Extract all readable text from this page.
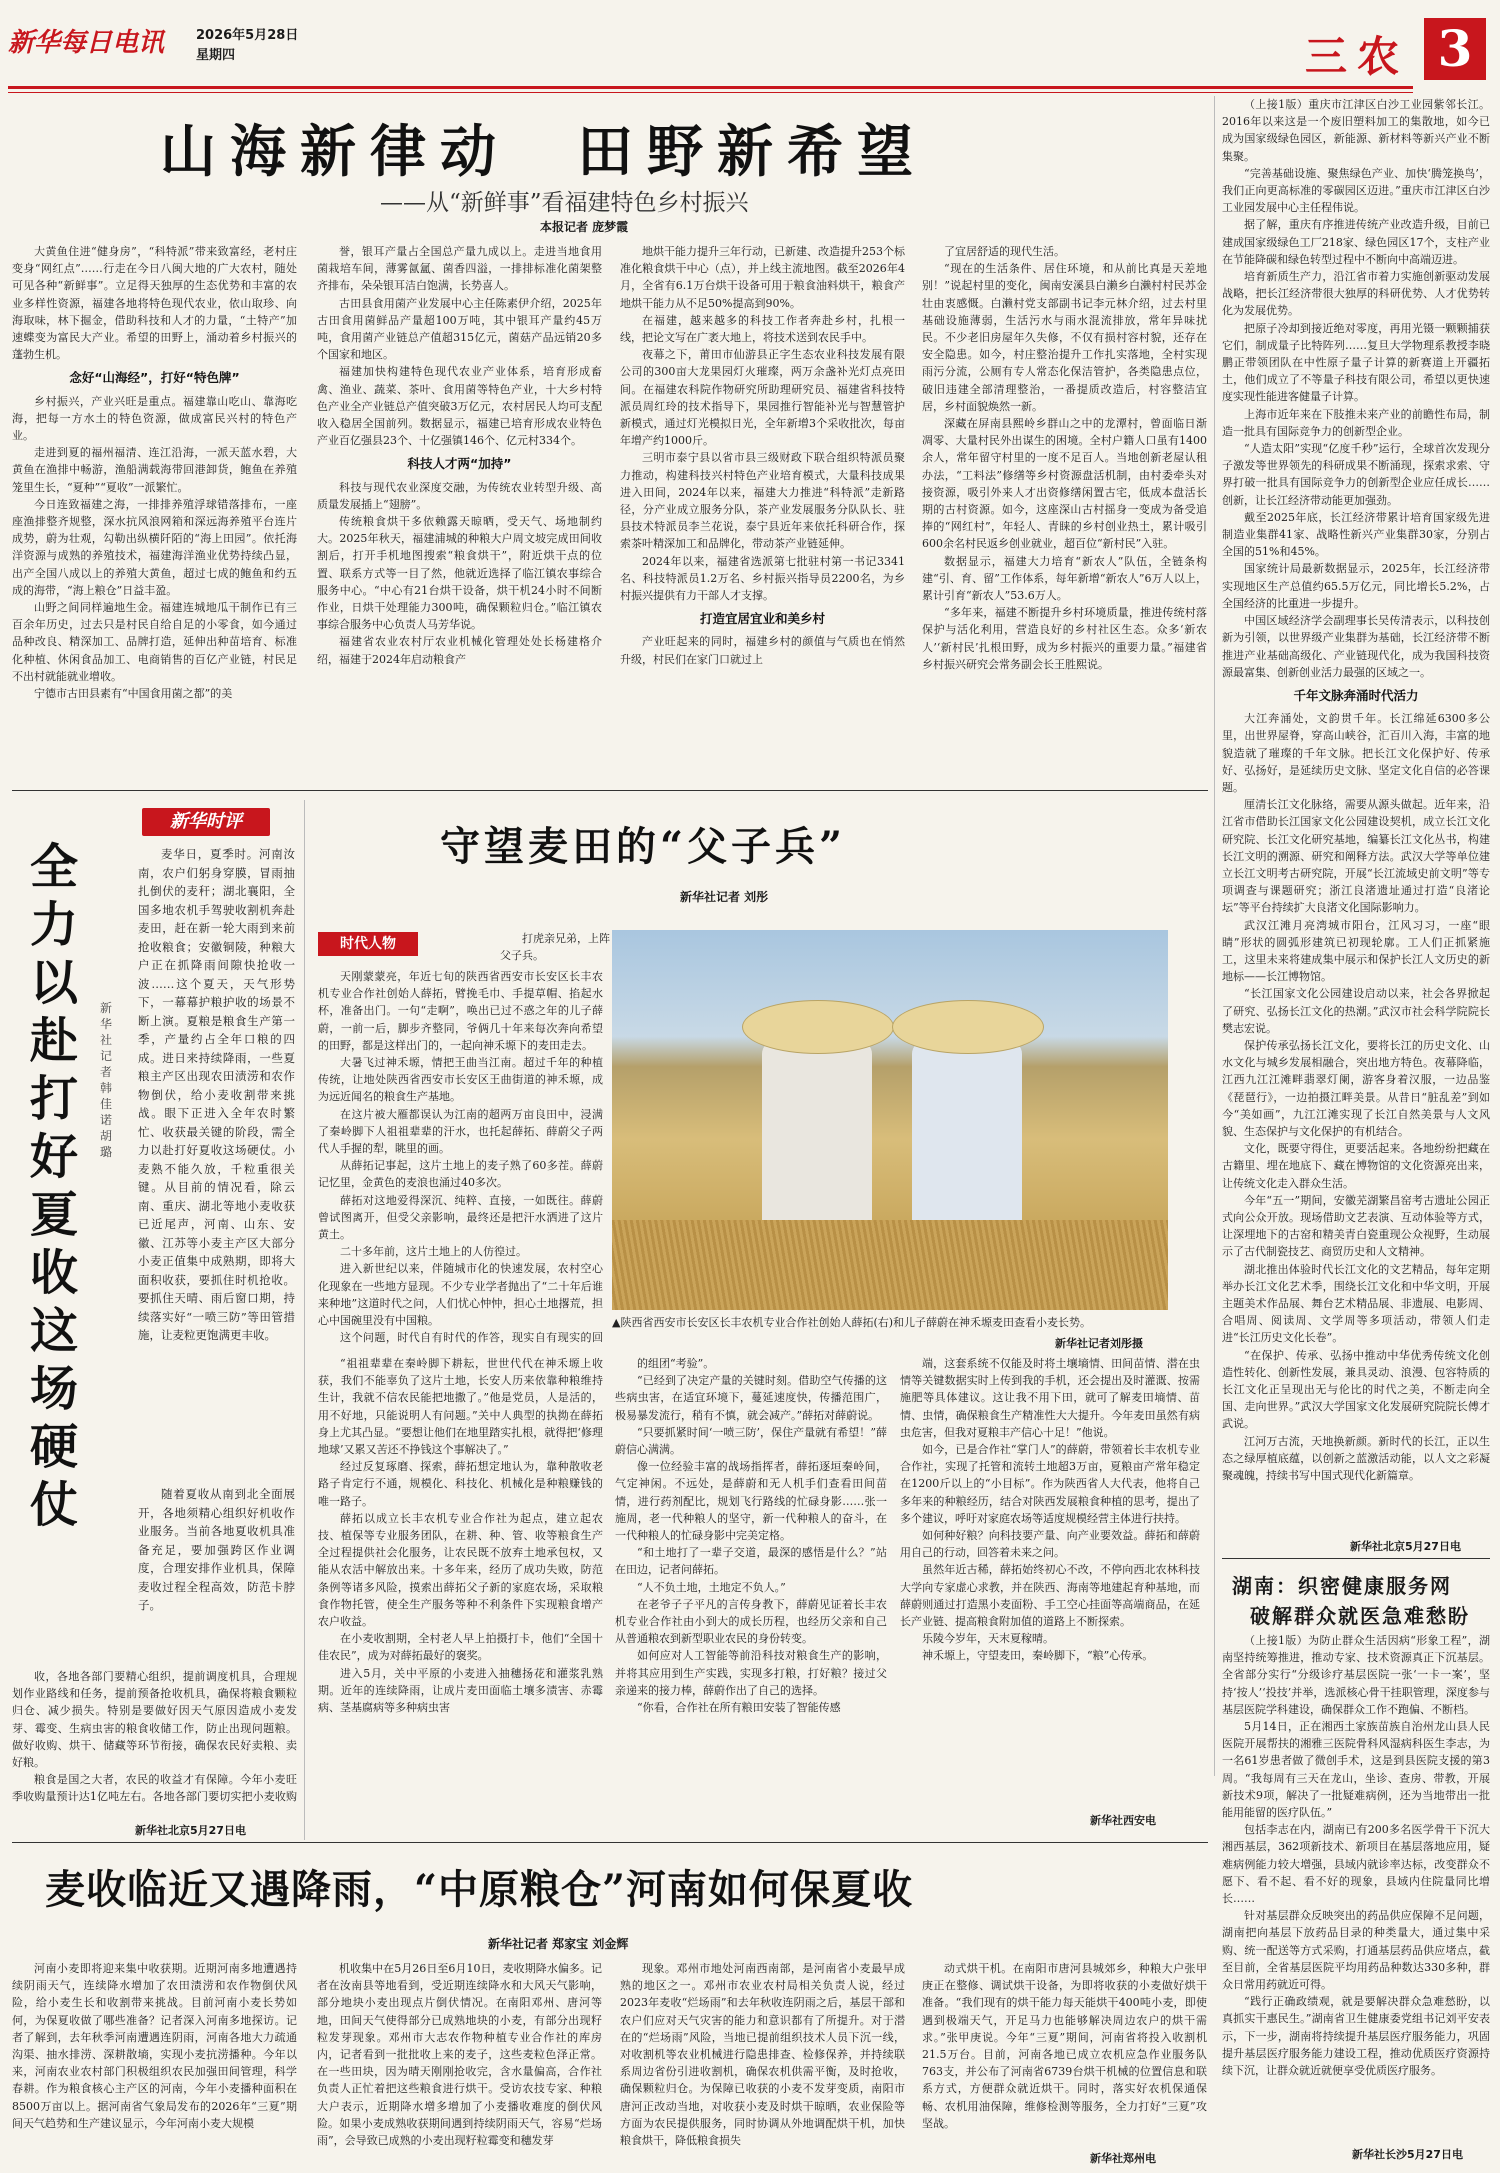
新华每日电讯 2026年5月28日
星期四	三农 3
山海新律动  田野新希望
——从“新鲜事”看福建特色乡村振兴
本报记者 庞梦霞

大黄鱼住进“健身房”，“科特派”带来致富经，老村庄变身“网红点”……行走在今日八闽大地的广大农村，随处可见各种“新鲜事”。立足得天独厚的生态优势和丰富的农业多样性资源，福建各地将特色现代农业，依山取珍、向海取味，林下掘金，借助科技和人才的力量，“土特产”加速蝶变为富民大产业。希望的田野上，涌动着乡村振兴的蓬勃生机。

念好“山海经”，打好“特色牌”

乡村振兴，产业兴旺是重点。福建靠山吃山、靠海吃海，把每一方水土的特色资源，做成富民兴村的特色产业。

走进到夏的福州福清、连江沿海，一派天蓝水碧，大黄鱼在渔排中畅游，渔船满载海带回港卸货，鲍鱼在养殖笼里生长，“夏种”“夏收”一派繁忙。

今日连致福建之海，一排排养殖浮球错落排布，一座座渔排整齐规整，深水抗风浪网箱和深远海养殖平台连片成势，蔚为壮观，勾勒出纵横阡陌的“海上田园”。依托海洋资源与成熟的养殖技术，福建海洋渔业优势持续凸显，出产全国八成以上的养殖大黄鱼，超过七成的鲍鱼和约五成的海带，“海上粮仓”日益丰盈。

山野之间同样遍地生金。福建连城地瓜干制作已有三百余年历史，过去只是村民自给自足的小零食，如今通过品种改良、精深加工、品牌打造，延伸出种苗培育、标准化种植、休闲食品加工、电商销售的百亿产业链，村民足不出村就能就业增收。

宁德市古田县素有“中国食用菌之都”的美

誉，银耳产量占全国总产量九成以上。走进当地食用菌栽培车间，薄雾氤氲、菌香四溢，一排排标准化菌架整齐排布，朵朵银耳洁白饱满，长势喜人。

古田县食用菌产业发展中心主任陈素伊介绍，2025年古田食用菌鲜品产量超100万吨，其中银耳产量约45万吨，食用菌产业链总产值超315亿元，菌菇产品远销20多个国家和地区。

福建加快构建特色现代农业产业体系，培育形成畜禽、渔业、蔬菜、茶叶、食用菌等特色产业，十大乡村特色产业全产业链总产值突破3万亿元，农村居民人均可支配收入稳居全国前列。数据显示，福建已培育形成农业特色产业百亿强县23个、十亿强镇146个、亿元村334个。

科技人才两“加持”

科技与现代农业深度交融，为传统农业转型升级、高质量发展插上“翅膀”。

传统粮食烘干多依赖露天晾晒，受天气、场地制约大。2025年秋天，福建浦城的种粮大户周文坡完成田间收割后，打开手机地图搜索“粮食烘干”，附近烘干点的位置、联系方式等一目了然，他就近选择了临江镇农事综合服务中心。“中心有21台烘干设备，烘干机24小时不间断作业，日烘干处理能力300吨，确保颗粒归仓。”临江镇农事综合服务中心负责人马芳华说。

福建省农业农村厅农业机械化管理处处长杨建格介绍，福建于2024年启动粮食产

地烘干能力提升三年行动，已新建、改造提升253个标准化粮食烘干中心（点），并上线主流地图。截至2026年4月，全省有6.1万台烘干设备可用于粮食油料烘干，粮食产地烘干能力从不足50%提高到90%。

在福建，越来越多的科技工作者奔赴乡村，扎根一线，把论文写在广袤大地上，将技术送到农民手中。

夜幕之下，莆田市仙游县正字生态农业科技发展有限公司的300亩大龙果园灯火璀璨，两万余盏补光灯点亮田间。在福建农科院作物研究所助理研究员、福建省科技特派员周红玲的技术指导下，果园推行智能补光与智慧管护新模式，通过灯光模拟日光，全年新增3个采收批次，每亩年增产约1000斤。

三明市泰宁县以省市县三级财政下联合组织特派员聚力推动，构建科技兴村特色产业培育模式，大量科技成果进入田间，2024年以来，福建大力推进“科特派”走新路径，分产业成立服务分队，茶产业发展服务分队队长、驻县技术特派员李兰花说，泰宁县近年来依托科研合作，探索茶叶精深加工和品牌化，带动茶产业链延伸。

2024年以来，福建省选派第七批驻村第一书记3341名、科技特派员1.2万名、乡村振兴指导员2200名，为乡村振兴提供有力干部人才支撑。

打造宜居宜业和美乡村

产业旺起来的同时，福建乡村的颜值与气质也在悄然升级，村民们在家门口就过上

了宜居舒适的现代生活。

“现在的生活条件、居住环境，和从前比真是天差地别！”说起村里的变化，闽南安溪县白濑乡白濑村村民苏金壮由衷感慨。白濑村党支部副书记李元林介绍，过去村里基础设施薄弱，生活污水与雨水混流排放，常年异味扰民。不少老旧房屋年久失修，不仅有损村容村貌，还存在安全隐患。如今，村庄整治提升工作扎实落地，全村实现雨污分流，公厕有专人常态化保洁管护，各类隐患点位，破旧违建全部清理整治，一番提质改造后，村容整洁宜居，乡村面貌焕然一新。

深藏在屏南县熙岭乡群山之中的龙潭村，曾面临日渐凋零、大量村民外出谋生的困境。全村户籍人口虽有1400余人，常年留守村里的一度不足百人。当地创新老屋认租办法，“工料法”修缮等乡村资源盘活机制，由村委牵头对接资源，吸引外来人才出资修缮闲置古宅，低成本盘活长期的古村资源。如今，这座深山古村摇身一变成为备受追捧的“网红村”，年轻人、青睐的乡村创业热土，累计吸引600余名村民返乡创业就业，超百位“新村民”入驻。

数据显示，福建大力培育“新农人”队伍，全链条构建“引、育、留”工作体系，每年新增“新农人”6万人以上，累计引育“新农人”53.6万人。

“多年来，福建不断提升乡村环境质量，推进传统村落保护与活化利用，营造良好的乡村社区生态。众多‘新农人’‘新村民’扎根田野，成为乡村振兴的重要力量。”福建省乡村振兴研究会常务副会长王胜熙说。

（上接1版）重庆市江津区白沙工业园紫邻长江。2016年以来这是一个废旧塑料加工的集散地，如今已成为国家级绿色园区，新能源、新材料等新兴产业不断集聚。

“完善基础设施、聚焦绿色产业、加快‘腾笼换鸟’，我们正向更高标准的零碳园区迈进。”重庆市江津区白沙工业园发展中心主任程伟说。

据了解，重庆有序推进传统产业改造升级，目前已建成国家级绿色工厂218家、绿色园区17个，支柱产业在节能降碳和绿色转型过程中不断向中高端迈进。

培育新质生产力，沿江省市着力实施创新驱动发展战略，把长江经济带很大独厚的科研优势、人才优势转化为发展优势。

把原子冷却到接近绝对零度，再用光镊一颗颗捕获它们，制成量子比特阵列……复旦大学物理系教授李晓鹏正带领团队在中性原子量子计算的新赛道上开疆拓土，他们成立了不等量子科技有限公司，希望以更快速度实现性能进客健量子计算。

上海市近年来在下肢推未来产业的前瞻性布局，制造一批具有国际竞争力的创新型企业。

“人造太阳”实现“亿度千秒”运行，全球首次发现分子激发等世界领先的科研成果不断涌现，探索求索、守界打破一批具有国际竞争力的创新型企业应任成长……创新，让长江经济带动能更加强劲。

戴至2025年底，长江经济带累计培育国家级先进制造业集群41家、战略性新兴产业集群30家，分别占全国的51%和45%。

国家统计局最新数据显示，2025年，长江经济带实现地区生产总值约65.5万亿元，同比增长5.2%，占全国经济的比重进一步提升。

中国区域经济学会副理事长吴传清表示，以科技创新为引领，以世界级产业集群为基础，长江经济带不断推进产业基础高级化、产业链现代化，成为我国科技资源最富集、创新创业活力最强的区域之一。

千年文脉奔涌时代活力

大江奔涌处，文韵贯千年。长江绵延6300多公里，出世界屋脊，穿高山峡谷，汇百川入海，丰富的地貌造就了璀璨的千年文脉。把长江文化保护好、传承好、弘扬好，是延续历史文脉、坚定文化自信的必答课题。

厘清长江文化脉络，需要从源头做起。近年来，沿江省市借助长江国家文化公园建设契机，成立长江文化研究院、长江文化研究基地，编纂长江文化丛书，构建长江文明的溯源、研究和阐释方法。武汉大学等单位建立长江文明考古研究院，开展“长江流域史前文明”等专项调查与课题研究；浙江良渚遗址通过打造“良渚论坛”等平台持续扩大良渚文化国际影响力。

武汉江滩月亮湾城市阳台，江风习习，一座“眼睛”形状的圆弧形建筑已初现轮廓。工人们正抓紧施工，这里未来将建成集中展示和保护长江人文历史的新地标——长江博物馆。

“长江国家文化公园建设启动以来，社会各界掀起了研究、弘扬长江文化的热潮。”武汉市社会科学院院长樊志宏说。

保护传承弘扬长江文化，要将长江的历史文化、山水文化与城乡发展相融合，突出地方特色。夜幕降临，江西九江江滩畔翡翠灯阑，游客身着汉服，一边品鉴《琵琶行》，一边拍摄江畔美景。从昔日“脏乱差”到如今“美如画”，九江江滩实现了长江自然美景与人文风貌、生态保护与文化保护的有机结合。

文化，既要守得住，更要活起来。各地纷纷把藏在古籍里、埋在地底下、藏在博物馆的文化资源亮出来，让传统文化走入群众生活。

今年“五一”期间，安徽芜湖繁昌窑考古遗址公园正式向公众开放。现场借助文艺表演、互动体验等方式，让深埋地下的古窑和精美青白瓷重现公众视野，生动展示了古代制瓷技艺、商贸历史和人文精神。

湖北推出体验时代长江文化的文艺精品，每年定期举办长江文化艺术季，围绕长江文化和中华文明，开展主题美术作品展、舞台艺术精品展、非遗展、电影周、合唱周、阅读周、文学周等多项活动，带领人们走进“长江历史文化长卷”。

“在保护、传承、弘扬中推动中华优秀传统文化创造性转化、创新性发展，兼具灵动、浪漫、包容特质的长江文化正呈现出无与伦比的时代之美，不断走向全国、走向世界。”武汉大学国家文化发展研究院院长傅才武说。

江河万古流，天地换新颜。新时代的长江，正以生态之绿厚植底蕴，以创新之蓝激活动能，以人文之彩凝聚魂魄，持续书写中国式现代化新篇章。

新华社北京5月27日电
湖南：织密健康服务网
破解群众就医急难愁盼

（上接1版）为防止群众生活因病“形象工程”，湖南坚持统筹推进，推动专家、技术资源真正下沉基层。全省部分实行“分级诊疗基层医院一张‘一卡一案’，坚持‘按人’‘投技’并举，选派核心骨干挂职管理，深度参与基层医院学科建设，确保群众工作不跑偏、不断档。

5月14日，正在湘西土家族苗族自治州龙山县人民医院开展帮扶的湘雅三医院骨科风湿病科医生李志，为一名61岁患者做了微创手术，这是到县医院支援的第3周。“我每周有三天在龙山，坐诊、查房、带教，开展新技术9项，解决了一批疑难病例，还为当地带出一批能用能留的医疗队伍。”

包括李志在内，湖南已有200多名医学骨干下沉大湘西基层，362项新技术、新项目在基层落地应用，疑难病例能力较大增强，县域内就诊率达标，改变群众不愿下、看不起、看不好的现象，县域内住院量同比增长……

针对基层群众反映突出的药品供应保障不足问题，湖南把向基层下放药品目录的种类量大，通过集中采购、统一配送等方式采购，打通基层药品供应堵点，截至目前，全省基层医院平均用药品种数达330多种，群众日常用药就近可得。

“践行正确政绩观，就是要解决群众急难愁盼，以真抓实干惠民生。”湖南省卫生健康委党组书记刘平安表示，下一步，湖南将持续提升基层医疗服务能力，巩固提升基层医疗服务能力建设工程，推动优质医疗资源持续下沉，让群众就近就便享受优质医疗服务。

新华社长沙5月27日电
新华时评
全力以赴打好夏收这场硬仗
新华社记者 韩佳诺 胡璐

麦华日，夏季时。河南汝南，农户们躬身穿膜，冒雨抽扎倒伏的麦秆；湖北襄阳，全国多地农机手驾驶收割机奔赴麦田，赶在新一轮大雨到来前抢收粮食；安徽铜陵，种粮大户正在抓降雨间隙快抢收一波……这个夏天，天气形势下，一幕幕护粮护收的场景不断上演。夏粮是粮食生产第一季，产量约占全年口粮的四成。进日来持续降雨，一些夏粮主产区出现农田渍涝和农作物倒伏，给小麦收割带来挑战。眼下正进入全年农时繁忙、收获最关键的阶段，需全力以赴打好夏收这场硬仗。小麦熟不能久放，千粒重很关键。从目前的情况看，除云南、重庆、湖北等地小麦收获已近尾声，河南、山东、安徽、江苏等小麦主产区大部分小麦正值集中成熟期，即将大面积收获，要抓住时机抢收。要抓住天晴、雨后窗口期，持续落实好“一喷三防”等田管措施，让麦粒更饱满更丰收。

随着夏收从南到北全面展开，各地须精心组织好机收作业服务。当前各地夏收机具准备充足，要加强跨区作业调度，合理安排作业机具，保障麦收过程全程高效，防范卡脖子。

收，各地各部门要精心组织，提前调度机具，合理规划作业路线和任务，提前预备抢收机具，确保将粮食颗粒归仓、减少损失。特别是要做好因天气原因造成小麦发芽、霉变、生病虫害的粮食收储工作，防止出现问题粮。做好收购、烘干、储藏等环节衔接，确保农民好卖粮、卖好粮。

粮食是国之大者，农民的收益才有保障。今年小麦旺季收购量预计达1亿吨左右。各地各部门要切实把小麦收购

新华社北京5月27日电
守望麦田的“父子兵”
新华社记者 刘彤
时代人物	打虎亲兄弟，上阵父子兵。

▲陕西省西安市长安区长丰农机专业合作社创始人薛拓(右)和儿子薛蔚在神禾塬麦田查看小麦长势。

新华社记者刘彤摄

天刚蒙蒙亮，年近七旬的陕西省西安市长安区长丰农机专业合作社创始人薛拓，臂挽毛巾、手提草帽、掐起水杯，准备出门。一句“走啊”，唤出已过不惑之年的儿子薛蔚，一前一后，脚步齐整同，爷俩几十年来每次奔向希望的田野，都是这样出门的，一起向神禾塬下的麦田走去。

大暑飞过神禾塬，情把王曲当江南。超过千年的种植传统，让地处陕西省西安市长安区王曲街道的神禾塬，成为远近闻名的粮食生产基地。

在这片被大雁都误认为江南的超两万亩良田中，浸满了秦岭脚下人祖祖辈辈的汗水，也托起薛拓、薛蔚父子两代人手握的犁，眺里的画。

从薛拓记事起，这片土地上的麦子熟了60多茬。薛蔚记忆里，金黄色的麦浪也涌过40多次。

薛拓对这地爱得深沉、纯粹、直接，一如既往。薛蔚曾试图离开，但受父亲影响，最终还是把汗水洒进了这片黄土。

二十多年前，这片土地上的人仿徨过。

进入新世纪以来，伴随城市化的快速发展，农村空心化现象在一些地方显现。不少专业学者抛出了“二十年后谁来种地”这道时代之问，人们忧心忡忡，担心土地撂荒，担心中国碗里没有中国粮。

这个问题，时代自有时代的作答，现实自有现实的回

“祖祖辈辈在秦岭脚下耕耘，世世代代在神禾塬上收获，我们不能辜负了这片土地，长安人历来依靠种粮维持生计，我就不信农民能把地撒了。”他是党员，人是活的，用不好地，只能说明人有问题。”关中人典型的执拗在薛拓身上尤其凸显。“要想让他们在地里踏实扎根，就得把‘修理地球’又累又苦还不挣钱这个事解决了。”

经过反复琢磨、探索，薛拓想定地认为，靠种散收老路子肯定行不通，规模化、科技化、机械化是种粮赚钱的唯一路子。

薛拓以成立长丰农机专业合作社为起点，建立起农技、植保等专业服务团队，在耕、种、管、收等粮食生产全过程提供社会化服务，让农民既不放弃土地承包权，又能从农活中解放出来。十多年来，经历了成功失败，防范条例等诸多风险，摸索出薛拓父子新的家庭农场，采取粮食作物托管，使全生产服务等种不利条件下实现粮食增产农户收益。

在小麦收割期，全村老人早上拍摄打卡，他们“全国十佳农民”，成为对薛拓最好的褒奖。

进入5月，关中平原的小麦进入抽穗扬花和灌浆乳熟期。近年的连续降雨，让成片麦田面临土壤多渍害、赤霉病、茎基腐病等多种病虫害

的组团“考验”。

“已经到了决定产量的关键时刻。借助空气传播的这些病虫害，在适宜环境下，蔓延速度快，传播范围广，极易暴发流行，稍有不慎，就会减产。”薛拓对薛蔚说。

“只要抓紧时间‘一喷三防’，保住产量就有希望！”薛蔚信心满满。

像一位经验丰富的战场指挥者，薛拓逐垣秦岭间，气定神闲。不远处，是薛蔚和无人机手们查看田间苗情，进行药剂配比，规划飞行路线的忙碌身影……张一施周，老一代种粮人的坚守，新一代种粮人的奋斗，在一代种粮人的忙碌身影中完美定格。

“和土地打了一辈子交道，最深的感悟是什么？”站在田边，记者问薛拓。

“人不负土地，土地定不负人。”

在老爷子子平凡的言传身教下，薛蔚见证着长丰农机专业合作社由小到大的成长历程，也经历父亲和自己从普通粮农到新型职业农民的身份转变。

如何应对人工智能等前沿科技对粮食生产的影响，并将其应用到生产实践，实现多打粮，打好粮？接过父亲递来的接力棒，薛蔚作出了自己的选择。

“你看，合作社在所有粮田安装了智能传感

端，这套系统不仅能及时将土壤墒情、田间苗情、潜在虫情等关键数据实时上传到我的手机，还会提出及时灌溉、按需施肥等具体建议。这让我不用下田，就可了解麦田墒情、苗情、虫情，确保粮食生产精准性大大提升。今年麦田虽然有病虫危害，但我对夏粮丰产信心十足！”他说。

如今，已是合作社“掌门人”的薛蔚，带领着长丰农机专业合作社，实现了托管和流转土地超3万亩，夏粮亩产常年稳定在1200斤以上的“小目标”。作为陕西省人大代表，他将自己多年来的种粮经历，结合对陕西发展粮食种植的思考，提出了多个建议，呼吁对家庭农场等适度规模经营主体进行扶持。

如何种好粮？向科技要产量、向产业要效益。薛拓和薛蔚用自己的行动，回答着未来之问。

虽然年近古稀，薛拓始终初心不改，不停向西北农林科技大学向专家虚心求教，并在陕西、海南等地建起育种基地，而薛蔚则通过打造黑小麦面粉、手工空心挂面等高端商品，在延长产业链、提高粮食附加值的道路上不断探索。

乐陵今岁年，天末夏稼晴。

神禾塬上，守望麦田，秦岭脚下，“粮”心传承。

新华社西安电
麦收临近又遇降雨，“中原粮仓”河南如何保夏收
新华社记者 郑家宝 刘金辉

河南小麦即将迎来集中收获期。近期河南多地遭遇持续阴雨天气，连续降水增加了农田渍涝和农作物倒伏风险，给小麦生长和收割带来挑战。目前河南小麦长势如何，为保夏收做了哪些准备？记者深入河南多地探访。记者了解到，去年秋季河南遭遇连阴雨，河南各地大力疏通沟渠、抽水排涝、深耕散墒，实现小麦抗涝播种。今年以来，河南农业农村部门积极组织农民加强田间管理，科学春耕。作为粮食核心主产区的河南，今年小麦播种面积在8500万亩以上。据河南省气象局发布的2026年“三夏”期间天气趋势和生产建议显示，今年河南小麦大规模

机收集中在5月26日至6月10日，麦收期降水偏多。记者在汝南县等地看到，受近期连续降水和大风天气影响，部分地块小麦出现点片倒伏情况。在南阳邓州、唐河等地，田间天气使得部分已成熟地块的小麦，有部分出现籽粒发芽现象。邓州市大志农作物种植专业合作社的库房内，记者看到一批批收上来的麦子，这些麦粒色泽正常。在一些田块，因为晴天刚刚抢收完，含水量偏高，合作社负责人正忙着把这些粮食进行烘干。受访农技专家、种粮大户表示，近期降水增多增加了小麦播收难度的倒伏风险。如果小麦成熟收获期间遇到持续阴雨天气，容易“烂场雨”，会导致已成熟的小麦出现籽粒霉变和穗发芽

现象。邓州市地处河南西南部，是河南省小麦最早成熟的地区之一。邓州市农业农村局相关负责人说，经过2023年麦收“烂场雨”和去年秋收连阴雨之后，基层干部和农户们应对天气灾害的能力和意识都有了所提升。对于潜在的“烂场雨”风险，当地已提前组织技术人员下沉一线，对收割机等农业机械进行隐患排查、检修保养，并持续联系周边省份引进收割机，确保农机供需平衡，及时抢收，确保颗粒归仓。为保障已收获的小麦不发芽变质，南阳市唐河正改动当地，对收获小麦及时烘干晾晒，农业保险等方面为农民提供服务，同时协调从外地调配烘干机，加快粮食烘干，降低粮食损失

动式烘干机。在南阳市唐河县城郊乡，种粮大户张甲庚正在整修、调试烘干设备，为即将收获的小麦做好烘干准备。“我们现有的烘干能力每天能烘干400吨小麦，即使遇到极端天气，开足马力也能够解决周边农户的烘干需求。”张甲庚说。今年“三夏”期间，河南省将投入收割机21.5万台。目前，河南各地已成立农机应急作业服务队763支，并公布了河南省6739台烘干机械的位置信息和联系方式，方便群众就近烘干。同时，落实好农机保通保畅、农机用油保障，维修检测等服务，全力打好“三夏”攻坚战。

新华社郑州电
